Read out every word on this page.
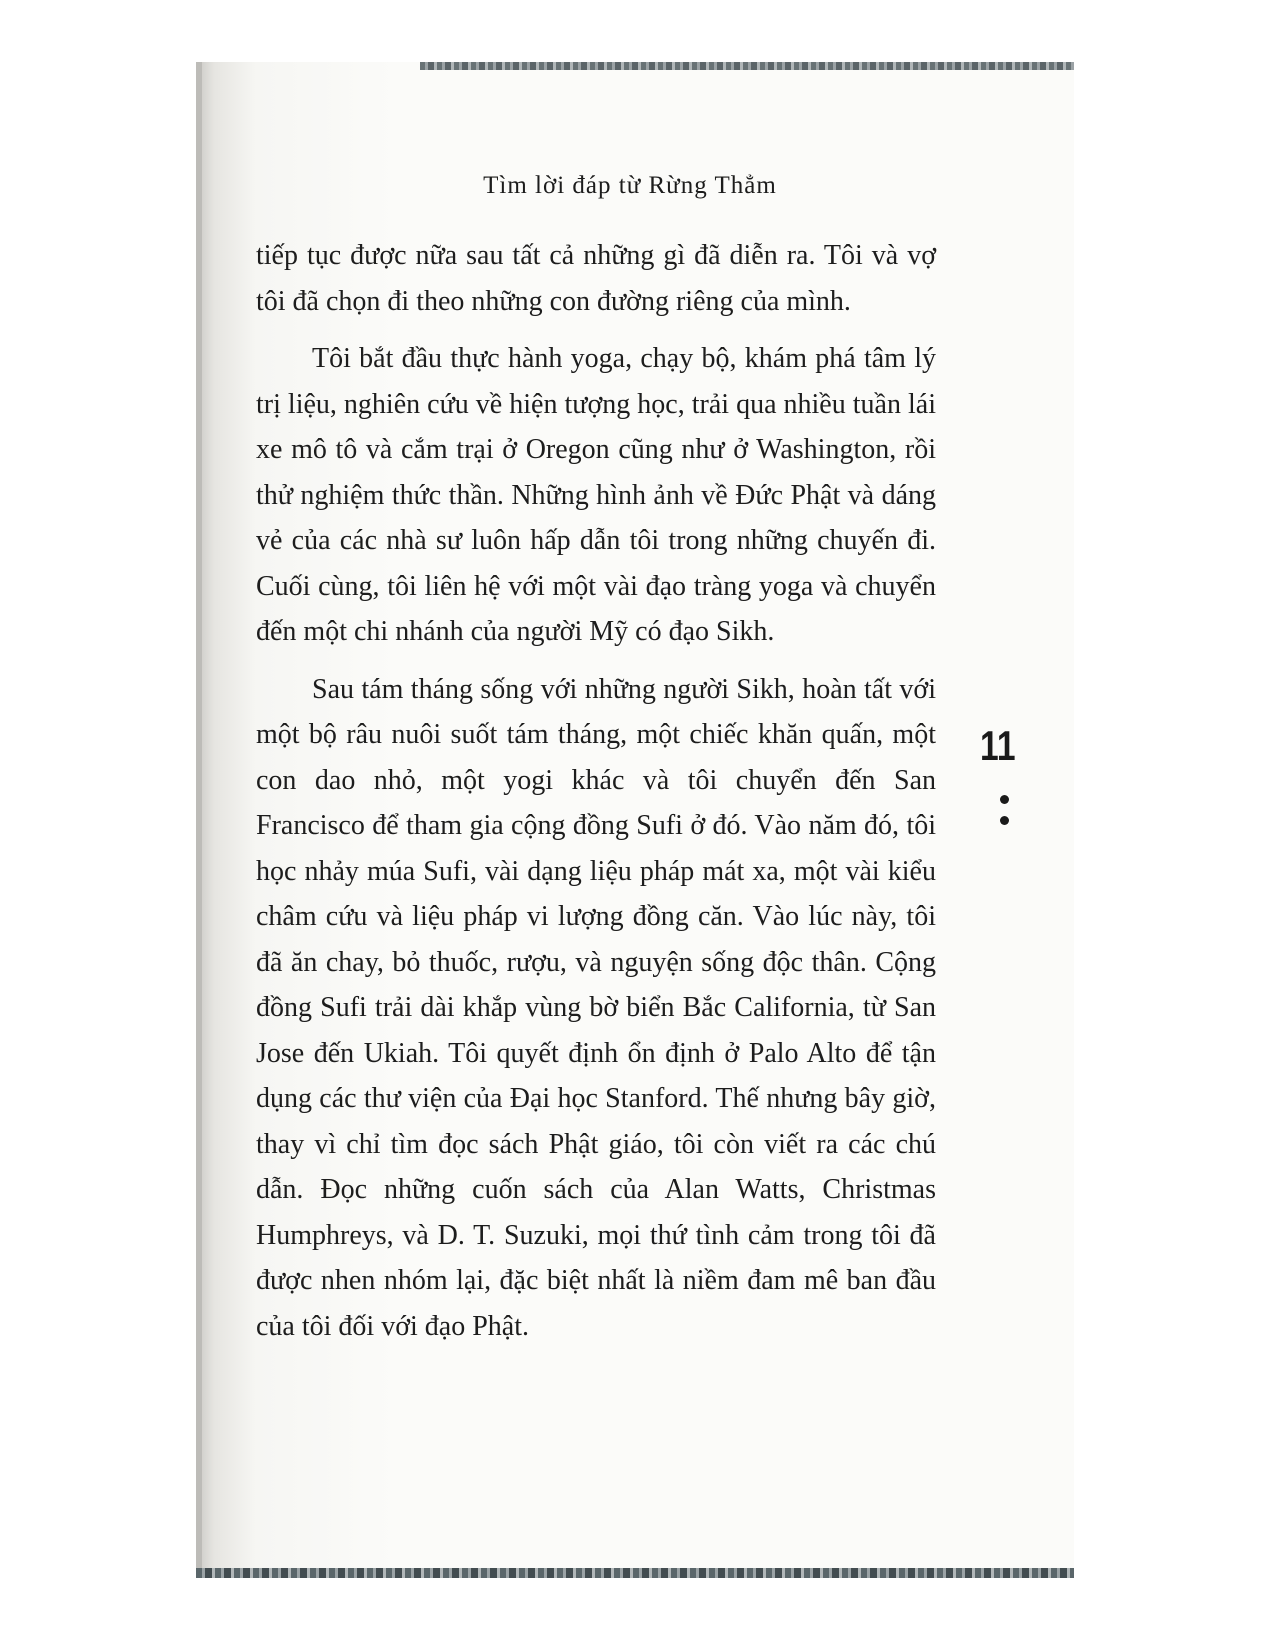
Tìm lời đáp từ Rừng Thẳm

tiếp tục được nữa sau tất cả những gì đã diễn ra. Tôi và vợ tôi đã chọn đi theo những con đường riêng của mình.

Tôi bắt đầu thực hành yoga, chạy bộ, khám phá tâm lý trị liệu, nghiên cứu về hiện tượng học, trải qua nhiều tuần lái xe mô tô và cắm trại ở Oregon cũng như ở Washington, rồi thử nghiệm thức thần. Những hình ảnh về Đức Phật và dáng vẻ của các nhà sư luôn hấp dẫn tôi trong những chuyến đi. Cuối cùng, tôi liên hệ với một vài đạo tràng yoga và chuyển đến một chi nhánh của người Mỹ có đạo Sikh.

Sau tám tháng sống với những người Sikh, hoàn tất với một bộ râu nuôi suốt tám tháng, một chiếc khăn quấn, một con dao nhỏ, một yogi khác và tôi chuyển đến San Francisco để tham gia cộng đồng Sufi ở đó. Vào năm đó, tôi học nhảy múa Sufi, vài dạng liệu pháp mát xa, một vài kiểu châm cứu và liệu pháp vi lượng đồng căn. Vào lúc này, tôi đã ăn chay, bỏ thuốc, rượu, và nguyện sống độc thân. Cộng đồng Sufi trải dài khắp vùng bờ biển Bắc California, từ San Jose đến Ukiah. Tôi quyết định ổn định ở Palo Alto để tận dụng các thư viện của Đại học Stanford. Thế nhưng bây giờ, thay vì chỉ tìm đọc sách Phật giáo, tôi còn viết ra các chú dẫn. Đọc những cuốn sách của Alan Watts, Christmas Humphreys, và D. T. Suzuki, mọi thứ tình cảm trong tôi đã được nhen nhóm lại, đặc biệt nhất là niềm đam mê ban đầu của tôi đối với đạo Phật.

11
